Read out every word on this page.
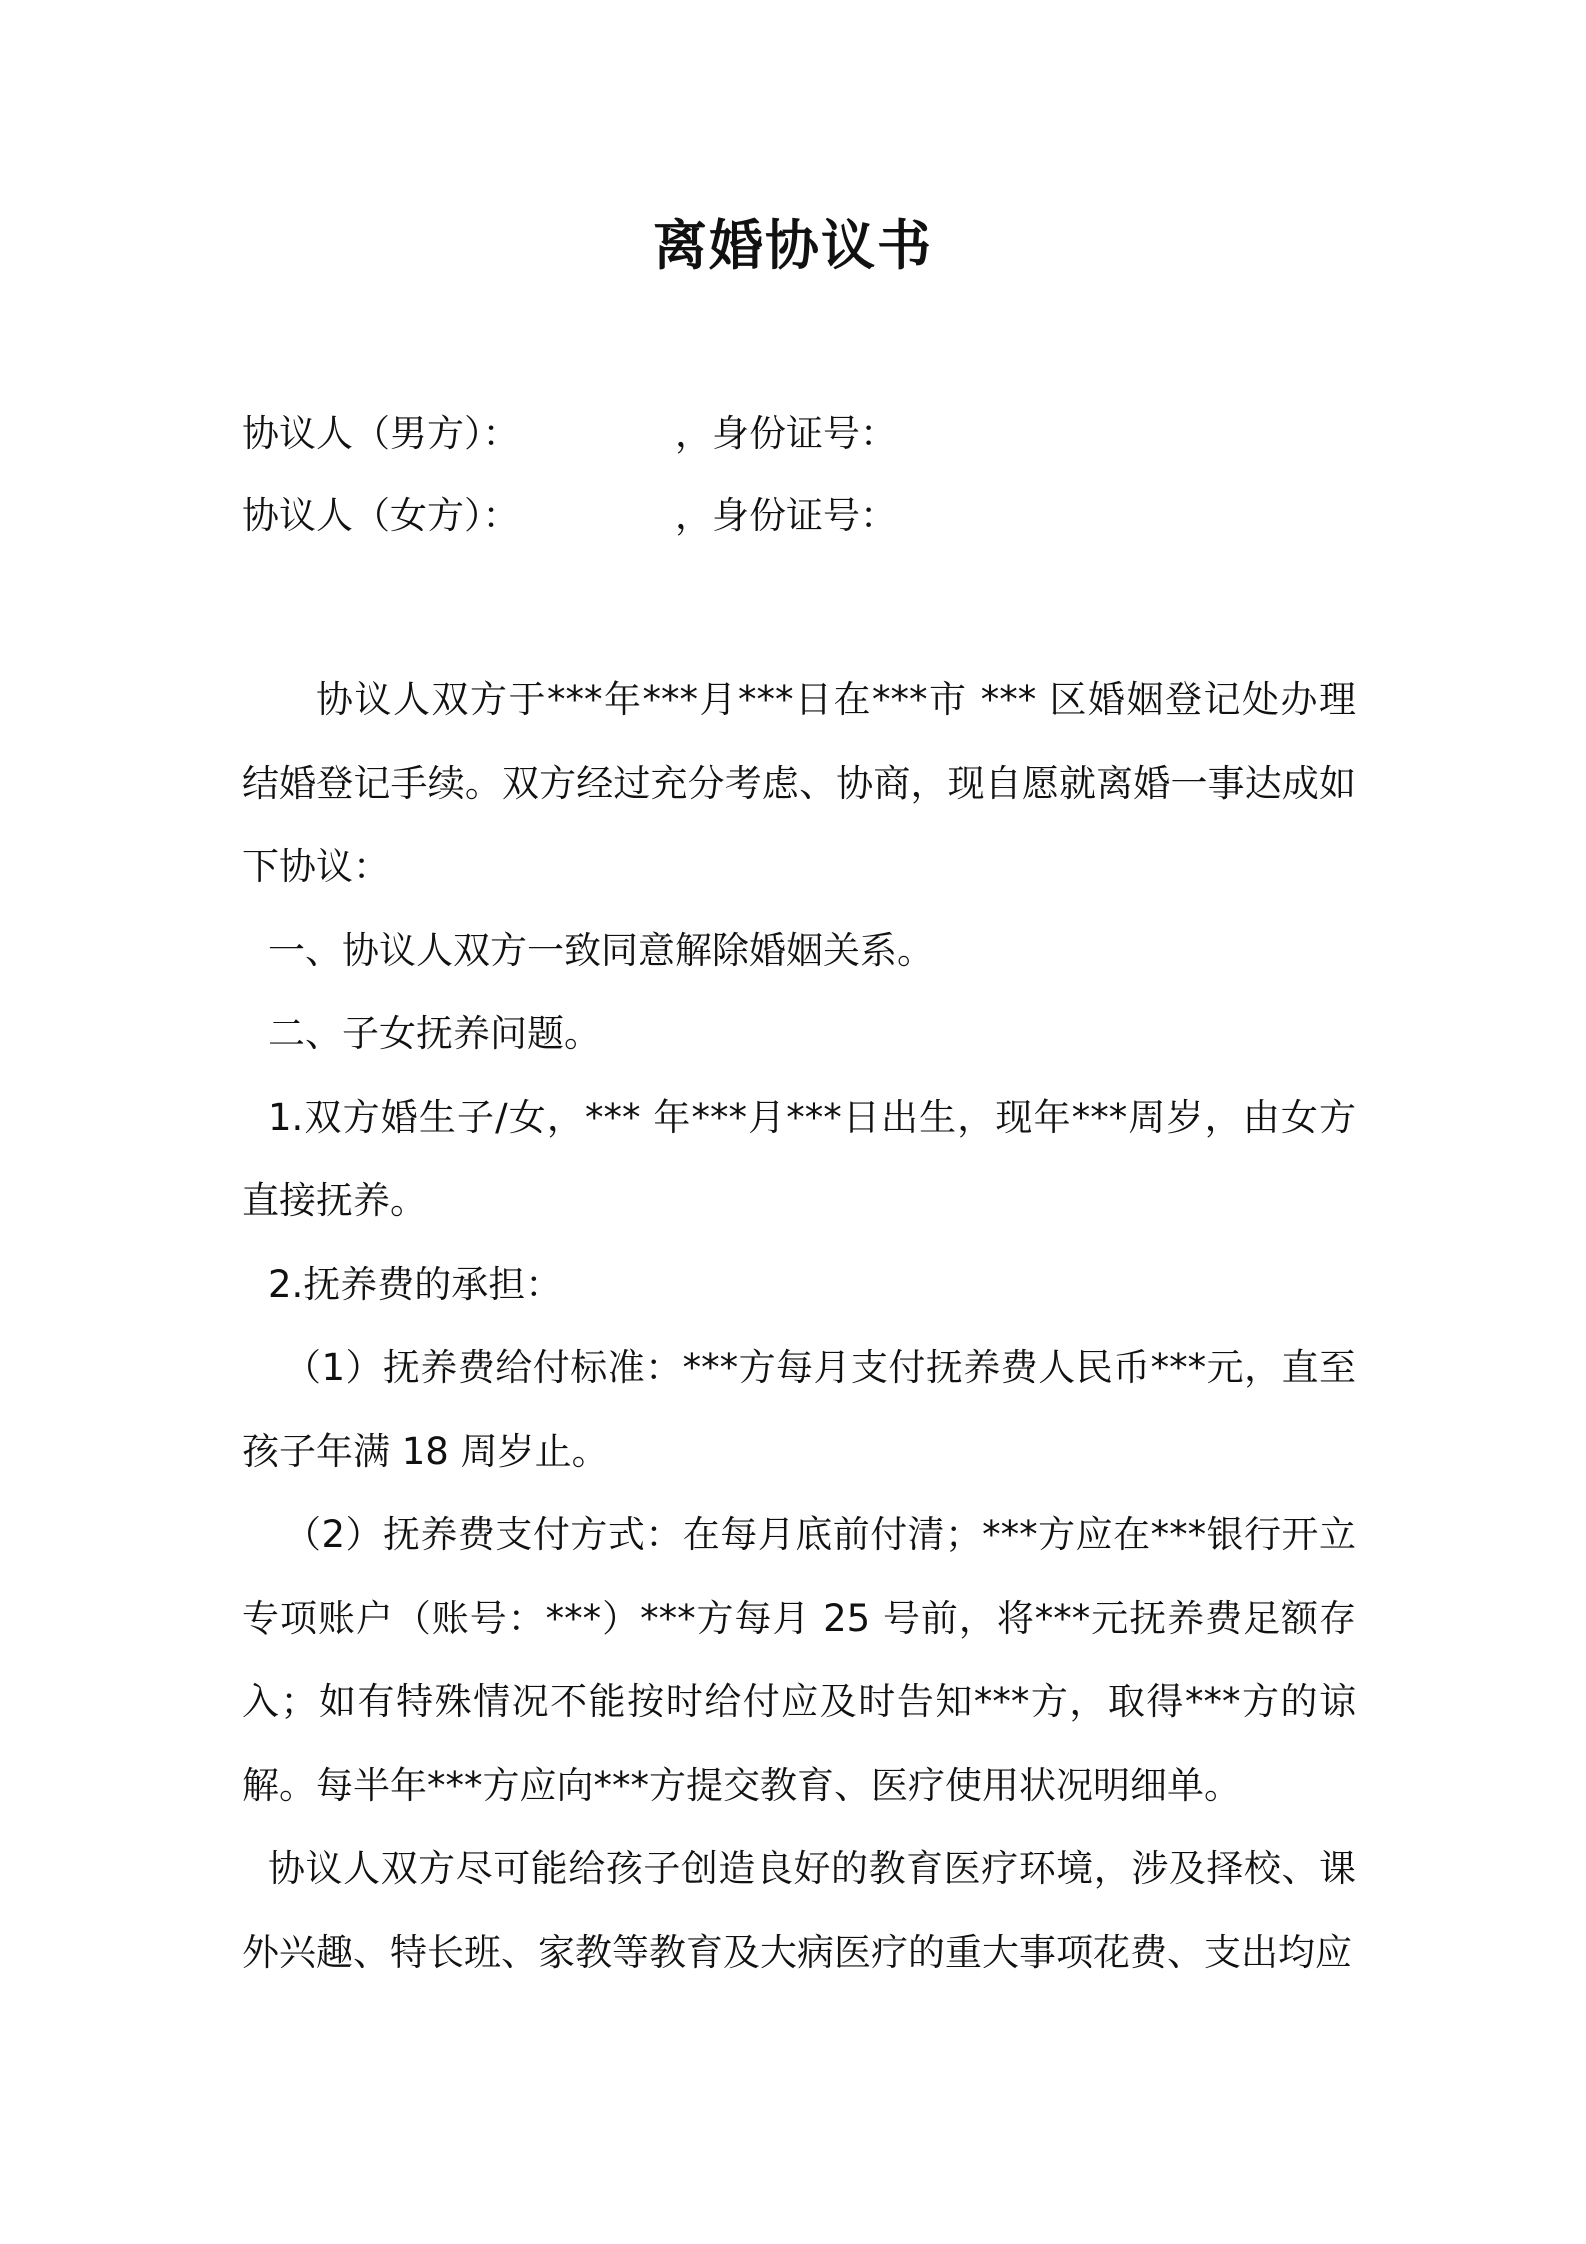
离婚协议书
协议人（男方）：	，身份证号：
协议人（女方）：	，身份证号：

协议人双方于***年***月***日在***市 *** 区婚姻登记处办理结婚登记手续。双方经过充分考虑、协商，现自愿就离婚一事达成如下协议：

一、协议人双方一致同意解除婚姻关系。

二、子女抚养问题。

1.双方婚生子/女，*** 年***月***日出生，现年***周岁，由女方直接抚养。

2.抚养费的承担：

（1）抚养费给付标准：***方每月支付抚养费人民币***元，直至孩子年满 18 周岁止。

（2）抚养费支付方式：在每月底前付清；***方应在***银行开立专项账户（账号：***）***方每月 25 号前，将***元抚养费足额存入；如有特殊情况不能按时给付应及时告知***方，取得***方的谅解。每半年***方应向***方提交教育、医疗使用状况明细单。

协议人双方尽可能给孩子创造良好的教育医疗环境，涉及择校、课外兴趣、特长班、家教等教育及大病医疗的重大事项花费、支出均应
